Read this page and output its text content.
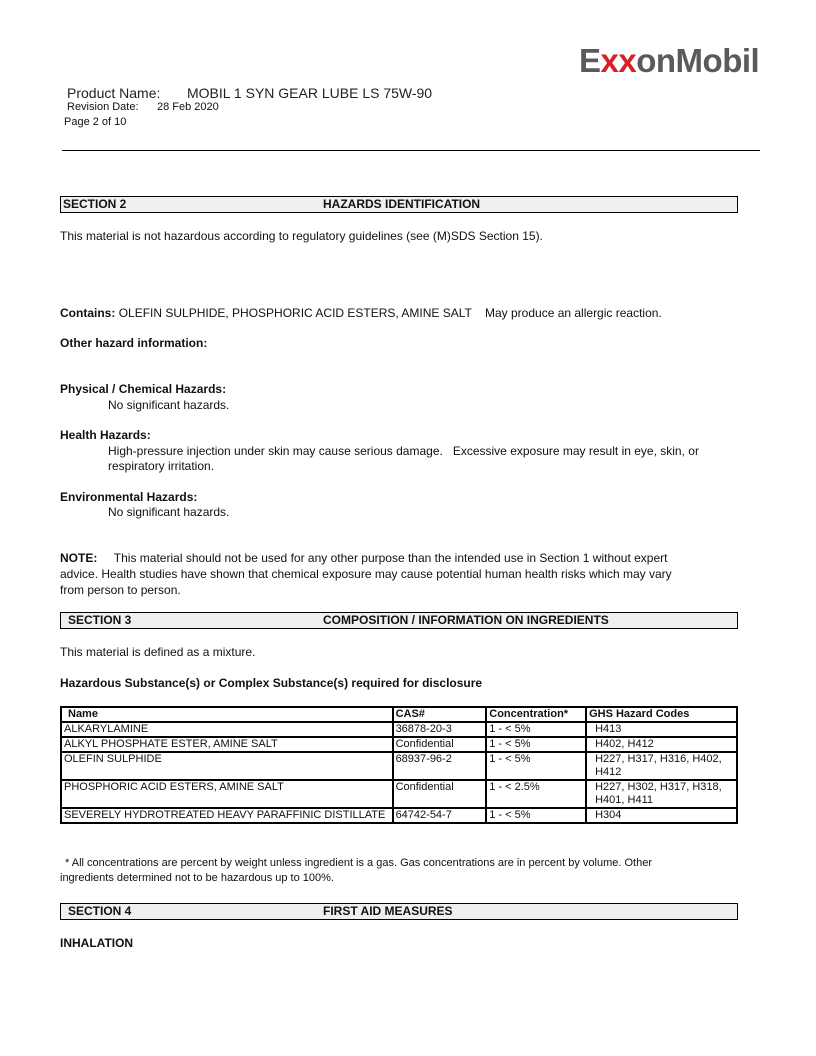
ExxonMobil
Product Name: MOBIL 1 SYN GEAR LUBE LS 75W-90
Revision Date: 28 Feb 2020
Page 2 of 10
SECTION 2	HAZARDS IDENTIFICATION
This material is not hazardous according to regulatory guidelines (see (M)SDS Section 15).
Contains: OLEFIN SULPHIDE, PHOSPHORIC ACID ESTERS, AMINE SALT    May produce an allergic reaction.
Other hazard information:
Physical / Chemical Hazards:
No significant hazards.
Health Hazards:
High-pressure injection under skin may cause serious damage.   Excessive exposure may result in eye, skin, or
respiratory irritation.
Environmental Hazards:
No significant hazards.
NOTE: This material should not be used for any other purpose than the intended use in Section 1 without expert
advice. Health studies have shown that chemical exposure may cause potential human health risks which may vary
from person to person.
SECTION 3	COMPOSITION / INFORMATION ON INGREDIENTS
This material is defined as a mixture.
Hazardous Substance(s) or Complex Substance(s) required for disclosure
Name	CAS#	Concentration*	GHS Hazard Codes
ALKARYLAMINE	36878-20-3	1 - < 5%	H413
ALKYL PHOSPHATE ESTER, AMINE SALT	Confidential	1 - < 5%	H402, H412
OLEFIN SULPHIDE	68937-96-2	1 - < 5%	H227, H317, H316, H402, H412
PHOSPHORIC ACID ESTERS, AMINE SALT	Confidential	1 - < 2.5%	H227, H302, H317, H318, H401, H411
SEVERELY HYDROTREATED HEAVY PARAFFINIC DISTILLATE	64742-54-7	1 - < 5%	H304
* All concentrations are percent by weight unless ingredient is a gas. Gas concentrations are in percent by volume. Other
ingredients determined not to be hazardous up to 100%.
SECTION 4	FIRST AID MEASURES
INHALATION
